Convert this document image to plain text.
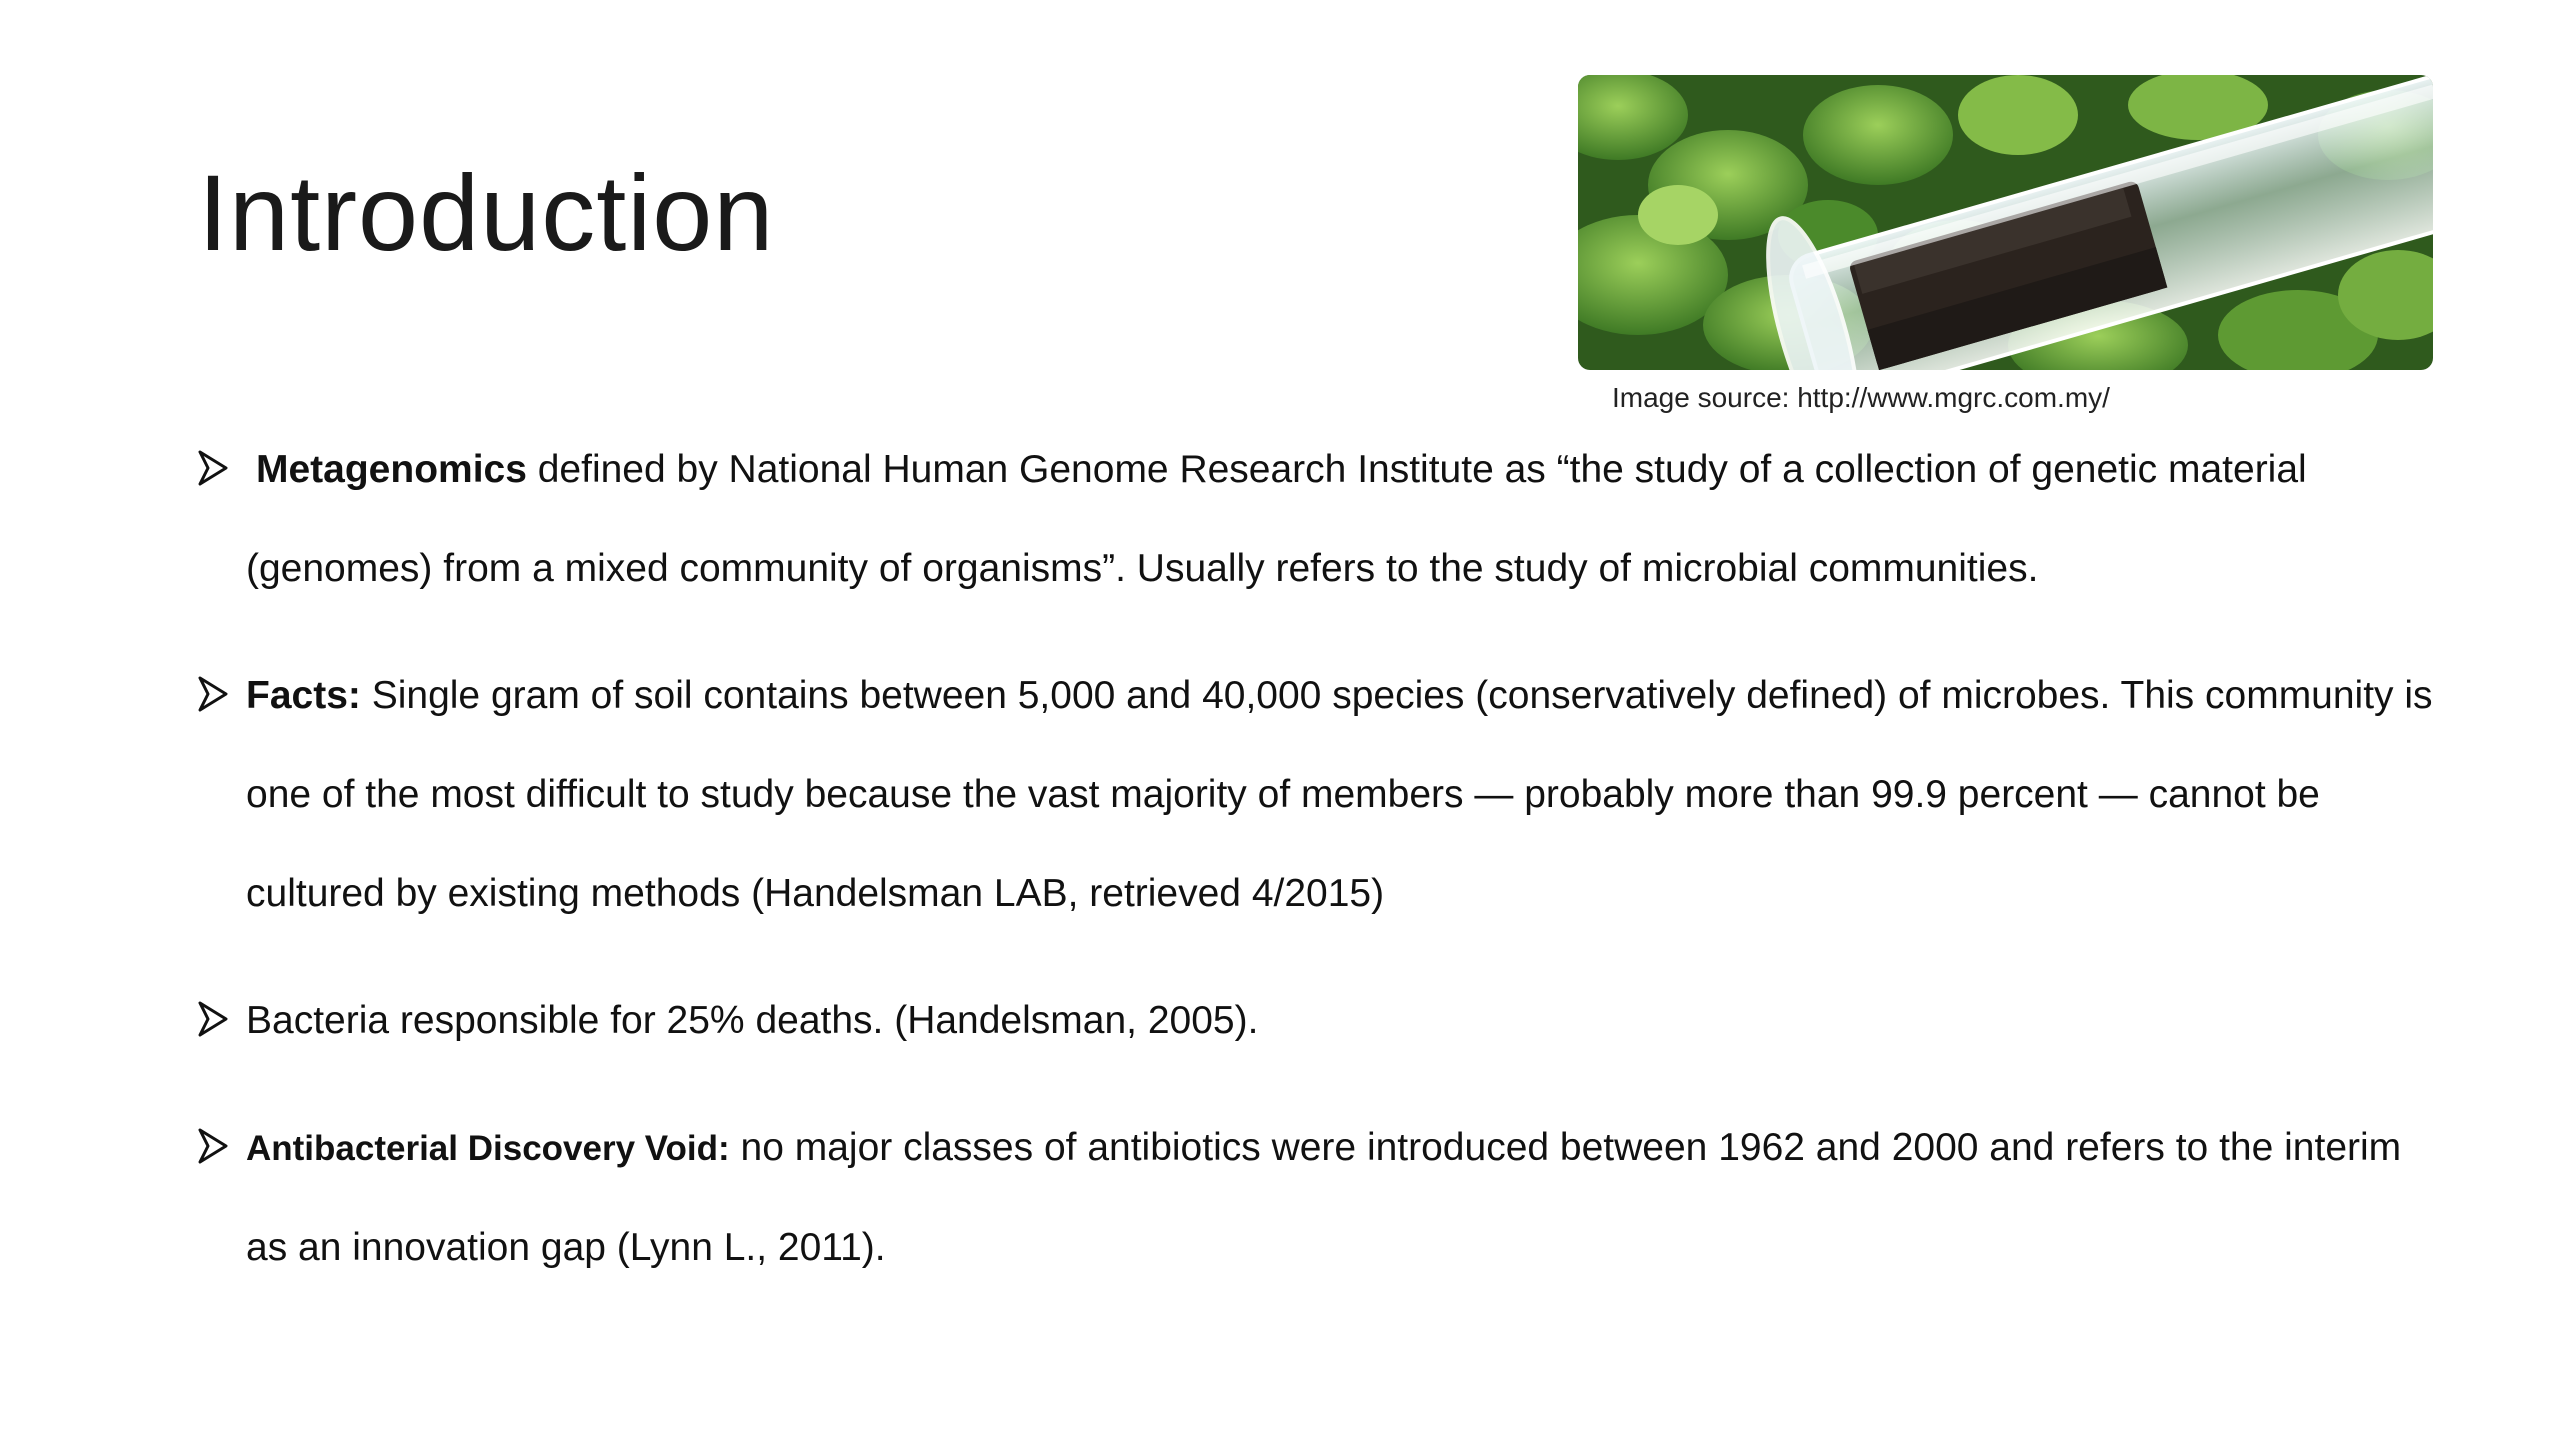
Introduction
Image source: http://www.mgrc.com.my/
Metagenomics defined by National Human Genome Research Institute as “the study of a collection of genetic material (genomes) from a mixed community of organisms”. Usually refers to the study of microbial communities.
Facts: Single gram of soil contains between 5,000 and 40,000 species (conservatively defined) of microbes. This community is one of the most difficult to study because the vast majority of members — probably more than 99.9 percent — cannot be cultured by existing methods (Handelsman LAB, retrieved 4/2015)
Bacteria responsible for 25% deaths. (Handelsman, 2005).
Antibacterial Discovery Void: no major classes of antibiotics were introduced between 1962 and 2000 and refers to the interim as an innovation gap (Lynn L., 2011).
